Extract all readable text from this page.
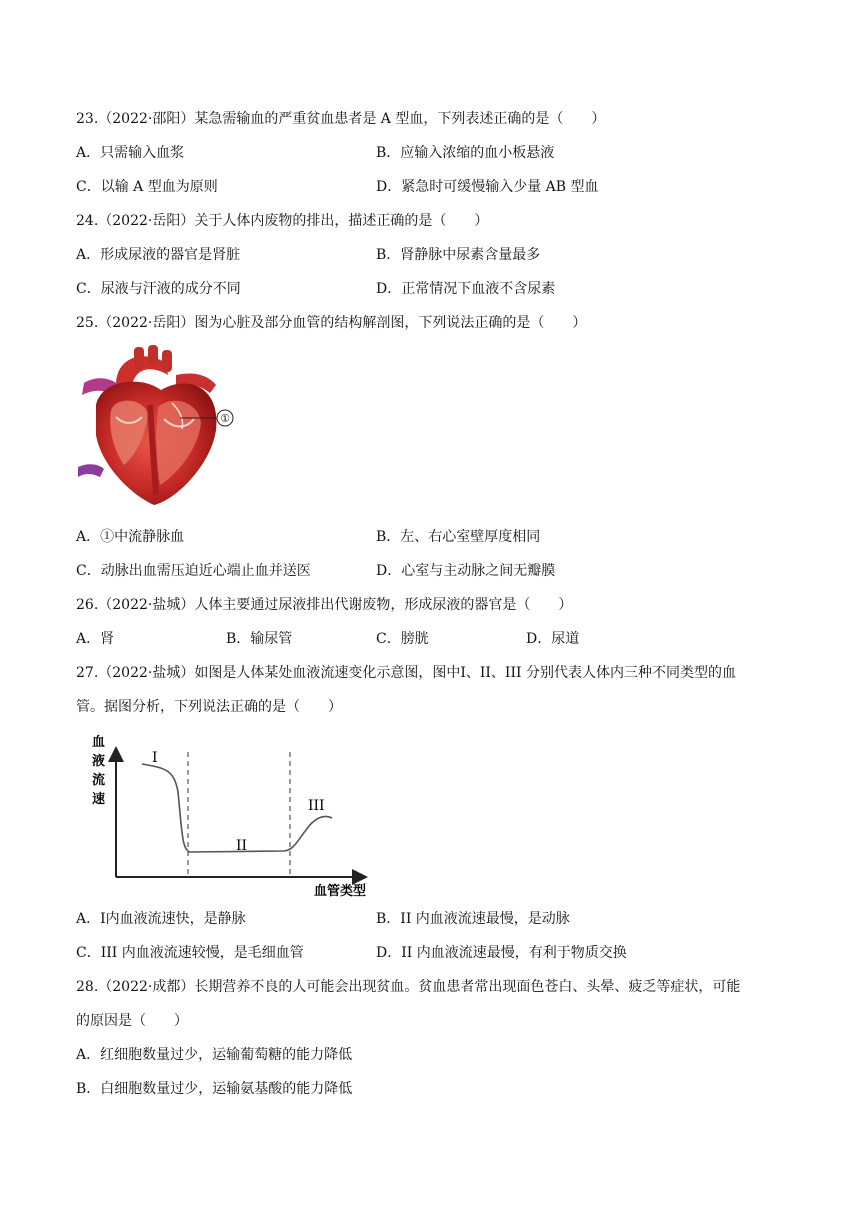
23.（2022·邵阳）某急需输血的严重贫血患者是 A 型血，下列表述正确的是（　　）
A．只需输入血浆	B．应输入浓缩的血小板悬液
C．以输 A 型血为原则	D．紧急时可缓慢输入少量 AB 型血
24.（2022·岳阳）关于人体内废物的排出，描述正确的是（　　）
A．形成尿液的器官是肾脏	B．肾静脉中尿素含量最多
C．尿液与汗液的成分不同	D．正常情况下血液不含尿素
25.（2022·岳阳）图为心脏及部分血管的结构解剖图，下列说法正确的是（　　）
①
A．①中流静脉血	B．左、右心室壁厚度相同
C．动脉出血需压迫近心端止血并送医	D．心室与主动脉之间无瓣膜
26.（2022·盐城）人体主要通过尿液排出代谢废物，形成尿液的器官是（　　）
A．肾	B．输尿管	C．膀胱	D．尿道
27.（2022·盐城）如图是人体某处血液流速变化示意图，图中Ⅰ、II、III 分别代表人体内三种不同类型的血
管。据图分析，下列说法正确的是（　　）
血
液
流
速
I
II
III
血管类型
A．Ⅰ内血液流速快，是静脉	B．II 内血液流速最慢，是动脉
C．III 内血液流速较慢，是毛细血管	D．II 内血液流速最慢，有利于物质交换
28.（2022·成都）长期营养不良的人可能会出现贫血。贫血患者常出现面色苍白、头晕、疲乏等症状，可能
的原因是（　　）
A．红细胞数量过少，运输葡萄糖的能力降低
B．白细胞数量过少，运输氨基酸的能力降低
